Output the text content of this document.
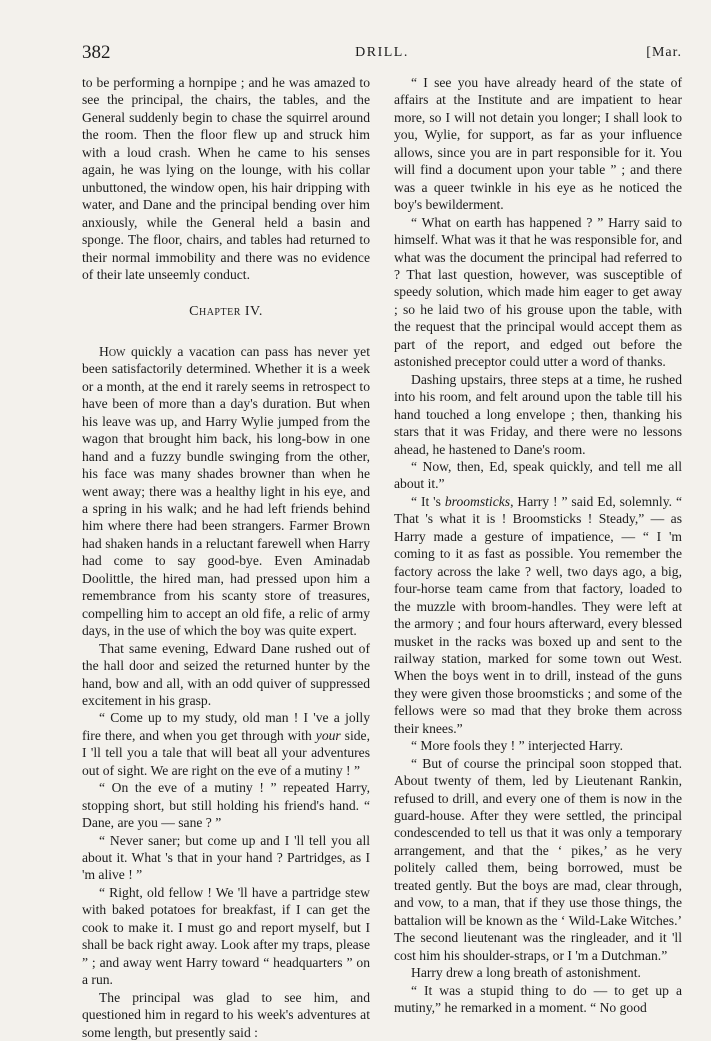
382	DRILL.	[Mar.

to be performing a hornpipe ; and he was amazed to see the principal, the chairs, the tables, and the General suddenly begin to chase the squirrel around the room. Then the floor flew up and struck him with a loud crash. When he came to his senses again, he was lying on the lounge, with his collar unbuttoned, the window open, his hair dripping with water, and Dane and the principal bending over him anxiously, while the General held a basin and sponge. The floor, chairs, and tables had returned to their normal immobility and there was no evidence of their late unseemly conduct.

Chapter IV.

How quickly a vacation can pass has never yet been satisfactorily determined. Whether it is a week or a month, at the end it rarely seems in retrospect to have been of more than a day's duration. But when his leave was up, and Harry Wylie jumped from the wagon that brought him back, his long-bow in one hand and a fuzzy bundle swinging from the other, his face was many shades browner than when he went away; there was a healthy light in his eye, and a spring in his walk; and he had left friends behind him where there had been strangers. Farmer Brown had shaken hands in a reluctant farewell when Harry had come to say good-bye. Even Aminadab Doolittle, the hired man, had pressed upon him a remembrance from his scanty store of treasures, compelling him to accept an old fife, a relic of army days, in the use of which the boy was quite expert.

That same evening, Edward Dane rushed out of the hall door and seized the returned hunter by the hand, bow and all, with an odd quiver of suppressed excitement in his grasp.

“ Come up to my study, old man ! I 've a jolly fire there, and when you get through with your side, I 'll tell you a tale that will beat all your adventures out of sight. We are right on the eve of a mutiny ! ”

“ On the eve of a mutiny ! ” repeated Harry, stopping short, but still holding his friend's hand. “ Dane, are you — sane ? ”

“ Never saner; but come up and I 'll tell you all about it. What 's that in your hand ? Partridges, as I 'm alive ! ”

“ Right, old fellow ! We 'll have a partridge stew with baked potatoes for breakfast, if I can get the cook to make it. I must go and report myself, but I shall be back right away. Look after my traps, please ” ; and away went Harry toward “ headquarters ” on a run.

The principal was glad to see him, and questioned him in regard to his week's adventures at some length, but presently said :

“ I see you have already heard of the state of affairs at the Institute and are impatient to hear more, so I will not detain you longer; I shall look to you, Wylie, for support, as far as your influence allows, since you are in part responsible for it. You will find a document upon your table ” ; and there was a queer twinkle in his eye as he noticed the boy's bewilderment.

“ What on earth has happened ? ” Harry said to himself. What was it that he was responsible for, and what was the document the principal had referred to ? That last question, however, was susceptible of speedy solution, which made him eager to get away ; so he laid two of his grouse upon the table, with the request that the principal would accept them as part of the report, and edged out before the astonished preceptor could utter a word of thanks.

Dashing upstairs, three steps at a time, he rushed into his room, and felt around upon the table till his hand touched a long envelope ; then, thanking his stars that it was Friday, and there were no lessons ahead, he hastened to Dane's room.

“ Now, then, Ed, speak quickly, and tell me all about it.”

“ It 's broomsticks, Harry ! ” said Ed, solemnly. “ That 's what it is ! Broomsticks ! Steady,” — as Harry made a gesture of impatience, — “ I 'm coming to it as fast as possible. You remember the factory across the lake ? well, two days ago, a big, four-horse team came from that factory, loaded to the muzzle with broom-handles. They were left at the armory ; and four hours afterward, every blessed musket in the racks was boxed up and sent to the railway station, marked for some town out West. When the boys went in to drill, instead of the guns they were given those broomsticks ; and some of the fellows were so mad that they broke them across their knees.”

“ More fools they ! ” interjected Harry.

“ But of course the principal soon stopped that. About twenty of them, led by Lieutenant Rankin, refused to drill, and every one of them is now in the guard-house. After they were settled, the principal condescended to tell us that it was only a temporary arrangement, and that the ‘ pikes,’ as he very politely called them, being borrowed, must be treated gently. But the boys are mad, clear through, and vow, to a man, that if they use those things, the battalion will be known as the ‘ Wild-Lake Witches.’ The second lieutenant was the ringleader, and it 'll cost him his shoulder-straps, or I 'm a Dutchman.”

Harry drew a long breath of astonishment.

“ It was a stupid thing to do — to get up a mutiny,” he remarked in a moment. “ No good
